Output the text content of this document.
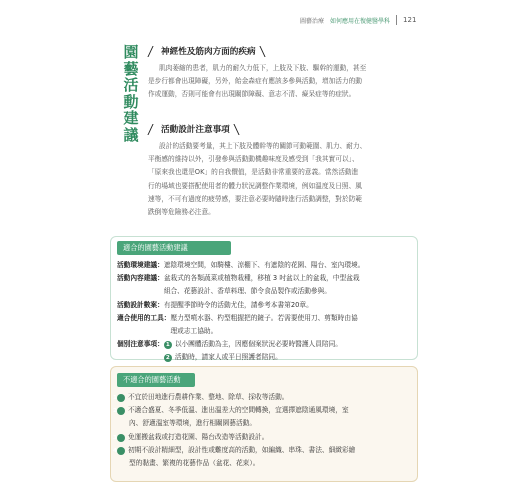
圖藝治療 如何應用在復健醫學科 121
園
藝
活
動
建
議
神經性及筋肉方面的疾病
肌肉萎縮的患者，肌力的耐久力低下，上肢及下肢、驅幹的運動，甚至
是步行都會出現障礙，另外，飴金森症有應該多參與活動，增加活力的動
作或運動，否則可能會有出現關節障礙、意志不清、癡呆症等的症狀。
活動設計注意事項
設計的活動要考量，其上下肢及體幹等的關節可動範圍、肌力、耐力、
平衡感的維持以外，引發參與活動動機趣味度及感受到「我其實可以」、
「原來我也還是OK」的自我價值，是活動非常重要的意義。當然活動進
行的場域也要搭配使用者的體力狀況調整作業環境，例如溫度及日照、風
速等，不可有過度的疲勞感，要注意必要時隨時進行活動調整，對於防範
跌倒等危險務必注意。
適合的園藝活動建議
活動環境建議： 遮陰環境空間，如騎樓、涼棚下、有遮陰的花園、陽台、室內環境。
活動內容建議： 盆栽式的各類蔬菜或植物栽種，移植 3 吋盆以上的盆栽，中型盆栽
組合、花藝設計、香草料理、節令食品製作或活動參與。
活動設計數案： 有提醒季節時令的活動尤佳，請參考本書第20章。
適合使用的工具： 壓力型噴水器、杓型粗握把的鏟子。若需要使用刀、剪類時由協
理或志工協助。
個別注意事項： 1 以小團體活動為主，因應個案狀況必要時醫護人員陪同。
2 活動時，請家人或平日照護者陪同。
不適合的園藝活動
1 不宜於田地進行農耕作業、整地、除草、採收等活動。
2 不適合盛夏、冬季低溫、進出溫差大的空間轉換，宜選擇遮陰通風環境，室
內、舒適溫室等環境，進行相關園藝活動。
3 免運搬盆栽或打造花園、陽台改造等活動設計。
4 初期不設計精細型，設計性或難度高的活動，如編織、串珠、書法、細緻彩繪
型的黏畫、繁複的花藝作品（盆花、花束）。
